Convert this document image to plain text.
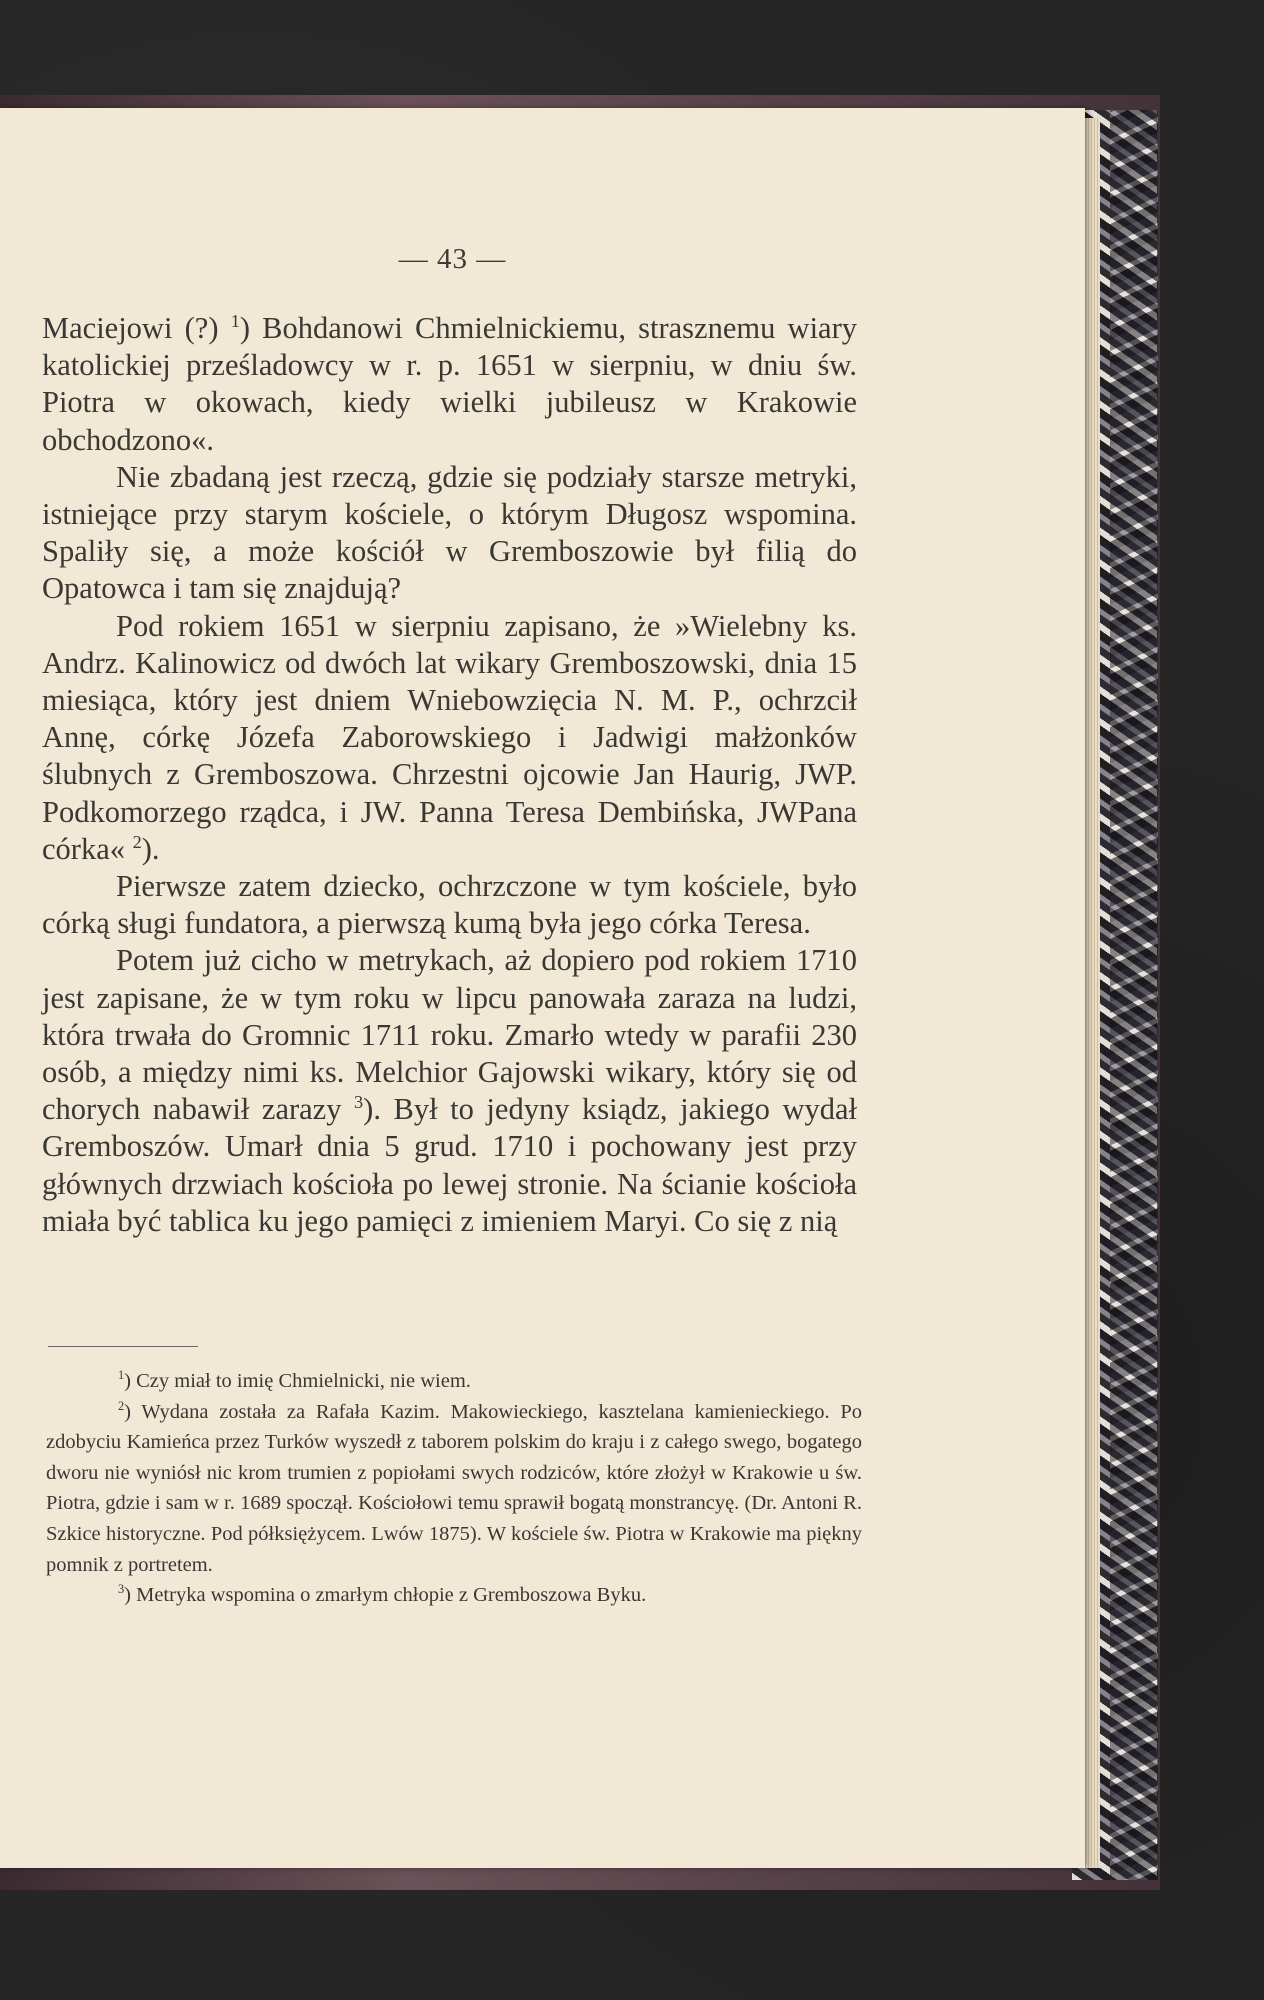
— 43 —

Maciejowi (?) $^1$) Bohdanowi Chmielnickiemu, strasznemu wiary katolickiej prześladowcy w r. p. 1651 w sierpniu, w dniu św. Piotra w okowach, kiedy wielki jubileusz w Krakowie obchodzono«.

Nie zbadaną jest rzeczą, gdzie się podziały starsze metryki, istniejące przy starym kościele, o którym Długosz wspomina. Spaliły się, a może kościół w Gremboszowie był filią do Opatowca i tam się znajdują?

Pod rokiem 1651 w sierpniu zapisano, że »Wielebny ks. Andrz. Kalinowicz od dwóch lat wikary Gremboszowski, dnia 15 miesiąca, który jest dniem Wniebowzięcia N. M. P., ochrzcił Annę, córkę Józefa Zaborowskiego i Jadwigi małżonków ślubnych z Gremboszowa. Chrzestni ojcowie Jan Haurig, JWP. Podkomorzego rządca, i JW. Panna Teresa Dembińska, JWPana córka« $^2$).

Pierwsze zatem dziecko, ochrzczone w tym kościele, było córką sługi fundatora, a pierwszą kumą była jego córka Teresa.

Potem już cicho w metrykach, aż dopiero pod rokiem 1710 jest zapisane, że w tym roku w lipcu panowała zaraza na ludzi, która trwała do Gromnic 1711 roku. Zmarło wtedy w parafii 230 osób, a między nimi ks. Melchior Gajowski wikary, który się od chorych nabawił zarazy $^3$). Był to jedyny ksiądz, jakiego wydał Gremboszów. Umarł dnia 5 grud. 1710 i pochowany jest przy głównych drzwiach kościoła po lewej stronie. Na ścianie kościoła miała być tablica ku jego pamięci z imieniem Maryi. Co się z nią

$^1$) Czy miał to imię Chmielnicki, nie wiem.

$^2$) Wydana została za Rafała Kazim. Makowieckiego, kasztelana kamienieckiego. Po zdobyciu Kamieńca przez Turków wyszedł z taborem polskim do kraju i z całego swego, bogatego dworu nie wyniósł nic krom trumien z popiołami swych rodziców, które złożył w Krakowie u św. Piotra, gdzie i sam w r. 1689 spoczął. Kościołowi temu sprawił bogatą monstrancyę. (Dr. Antoni R. Szkice historyczne. Pod półksiężycem. Lwów 1875). W kościele św. Piotra w Krakowie ma piękny pomnik z portretem.

$^3$) Metryka wspomina o zmarłym chłopie z Gremboszowa Byku.
